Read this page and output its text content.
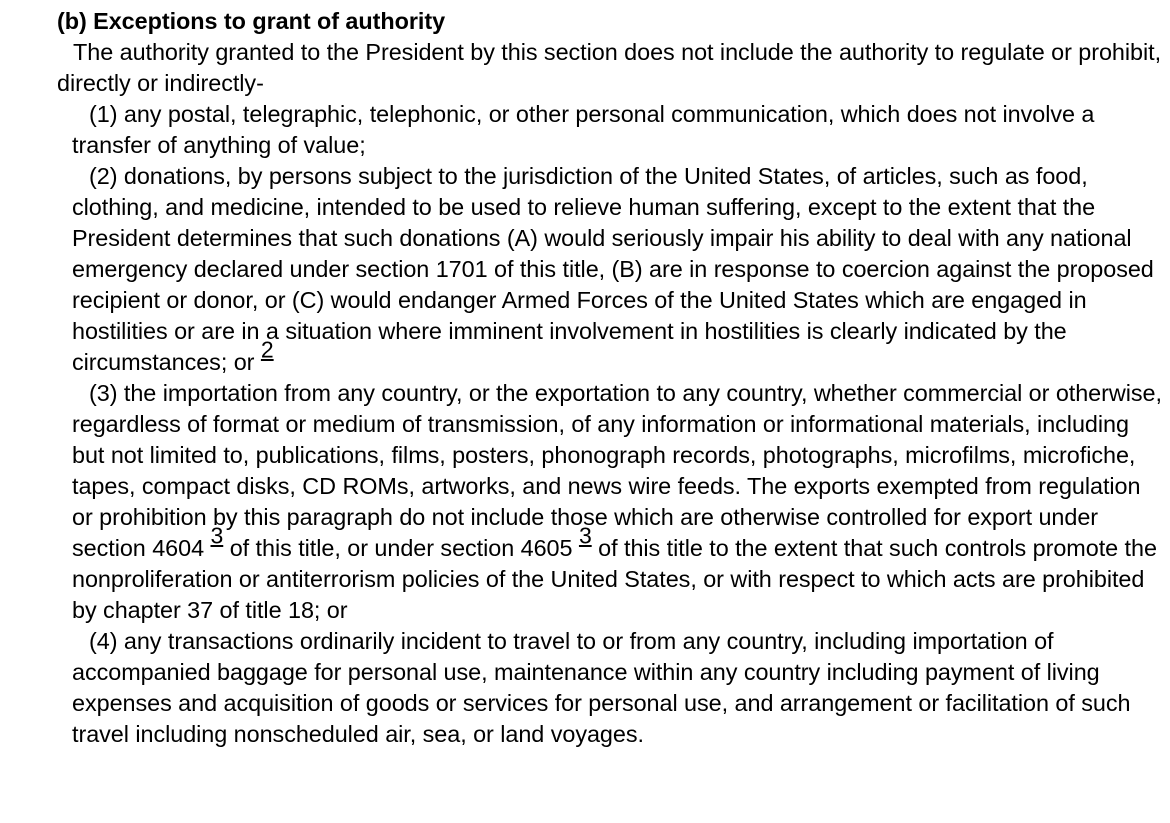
(b) Exceptions to grant of authority

The authority granted to the President by this section does not include the authority to regulate or prohibit, directly or indirectly-

(1) any postal, telegraphic, telephonic, or other personal communication, which does not involve a transfer of anything of value;

(2) donations, by persons subject to the jurisdiction of the United States, of articles, such as food, clothing, and medicine, intended to be used to relieve human suffering, except to the extent that the President determines that such donations (A) would seriously impair his ability to deal with any national emergency declared under section 1701 of this title, (B) are in response to coercion against the proposed recipient or donor, or (C) would endanger Armed Forces of the United States which are engaged in hostilities or are in a situation where imminent involvement in hostilities is clearly indicated by the circumstances; or 2

(3) the importation from any country, or the exportation to any country, whether commercial or otherwise, regardless of format or medium of transmission, of any information or informational materials, including but not limited to, publications, films, posters, phonograph records, photographs, microfilms, microfiche, tapes, compact disks, CD ROMs, artworks, and news wire feeds. The exports exempted from regulation or prohibition by this paragraph do not include those which are otherwise controlled for export under section 4604 3 of this title, or under section 4605 3 of this title to the extent that such controls promote the nonproliferation or antiterrorism policies of the United States, or with respect to which acts are prohibited by chapter 37 of title 18; or

(4) any transactions ordinarily incident to travel to or from any country, including importation of accompanied baggage for personal use, maintenance within any country including payment of living expenses and acquisition of goods or services for personal use, and arrangement or facilitation of such travel including nonscheduled air, sea, or land voyages.
